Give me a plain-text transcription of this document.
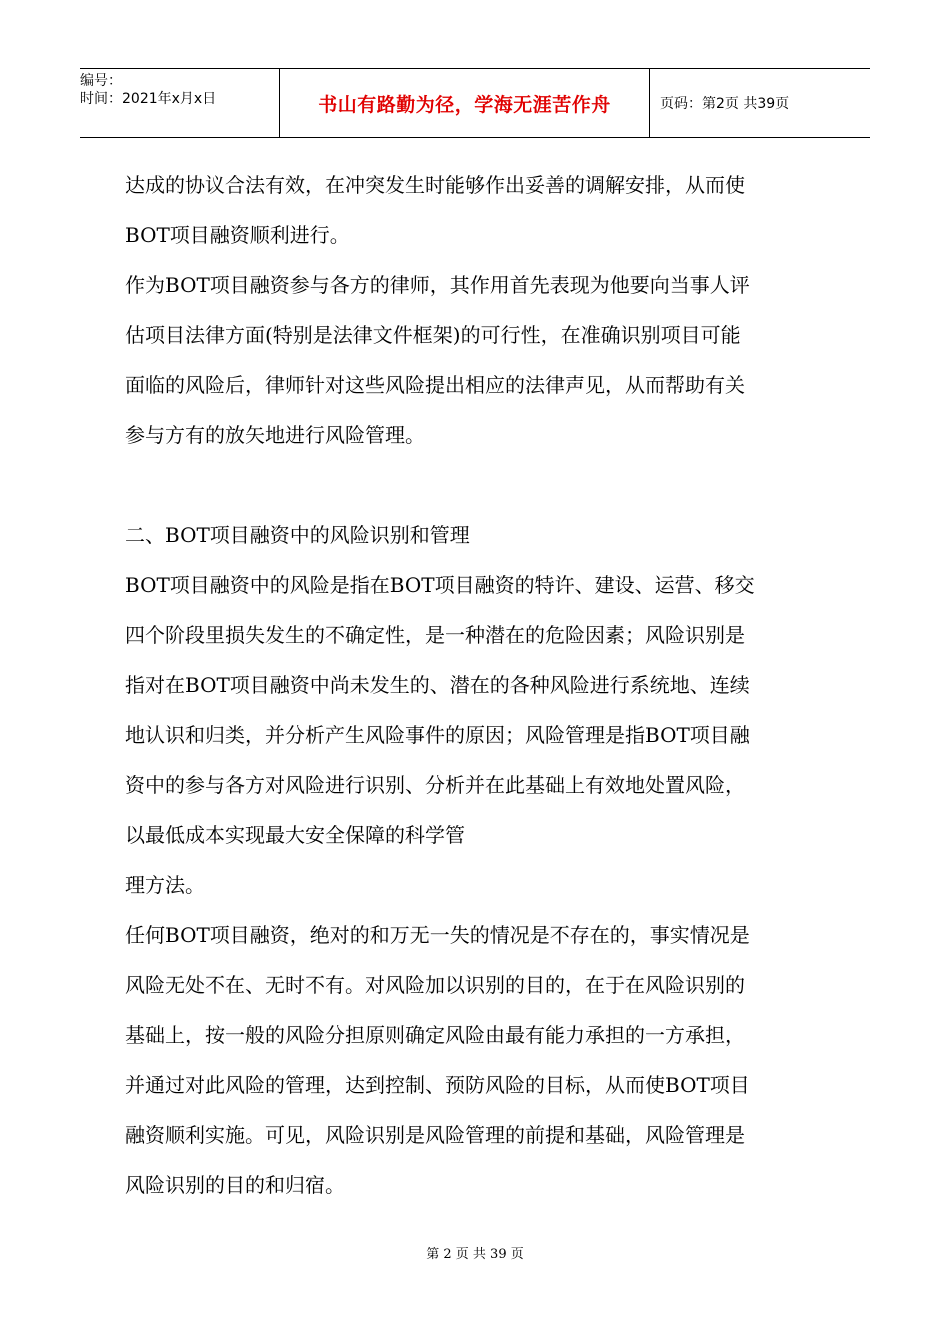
编号：
时间：2021年x月x日	书山有路勤为径，学海无涯苦作舟	页码：第2页 共39页

达成的协议合法有效，在冲突发生时能够作出妥善的调解安排，从而使

BOT项目融资顺利进行。

作为BOT项目融资参与各方的律师，其作用首先表现为他要向当事人评

估项目法律方面(特别是法律文件框架)的可行性，在准确识别项目可能

面临的风险后，律师针对这些风险提出相应的法律声见，从而帮助有关

参与方有的放矢地进行风险管理。

二、BOT项目融资中的风险识别和管理

BOT项目融资中的风险是指在BOT项目融资的特许、建设、运营、移交

四个阶段里损失发生的不确定性，是一种潜在的危险因素；风险识别是

指对在BOT项目融资中尚未发生的、潜在的各种风险进行系统地、连续

地认识和归类，并分析产生风险事件的原因；风险管理是指BOT项目融

资中的参与各方对风险进行识别、分析并在此基础上有效地处置风险，

以最低成本实现最大安全保障的科学管

理方法。

任何BOT项目融资，绝对的和万无一失的情况是不存在的，事实情况是

风险无处不在、无时不有。对风险加以识别的目的，在于在风险识别的

基础上，按一般的风险分担原则确定风险由最有能力承担的一方承担，

并通过对此风险的管理，达到控制、预防风险的目标，从而使BOT项目

融资顺利实施。可见，风险识别是风险管理的前提和基础，风险管理是

风险识别的目的和归宿。

第 2 页 共 39 页
